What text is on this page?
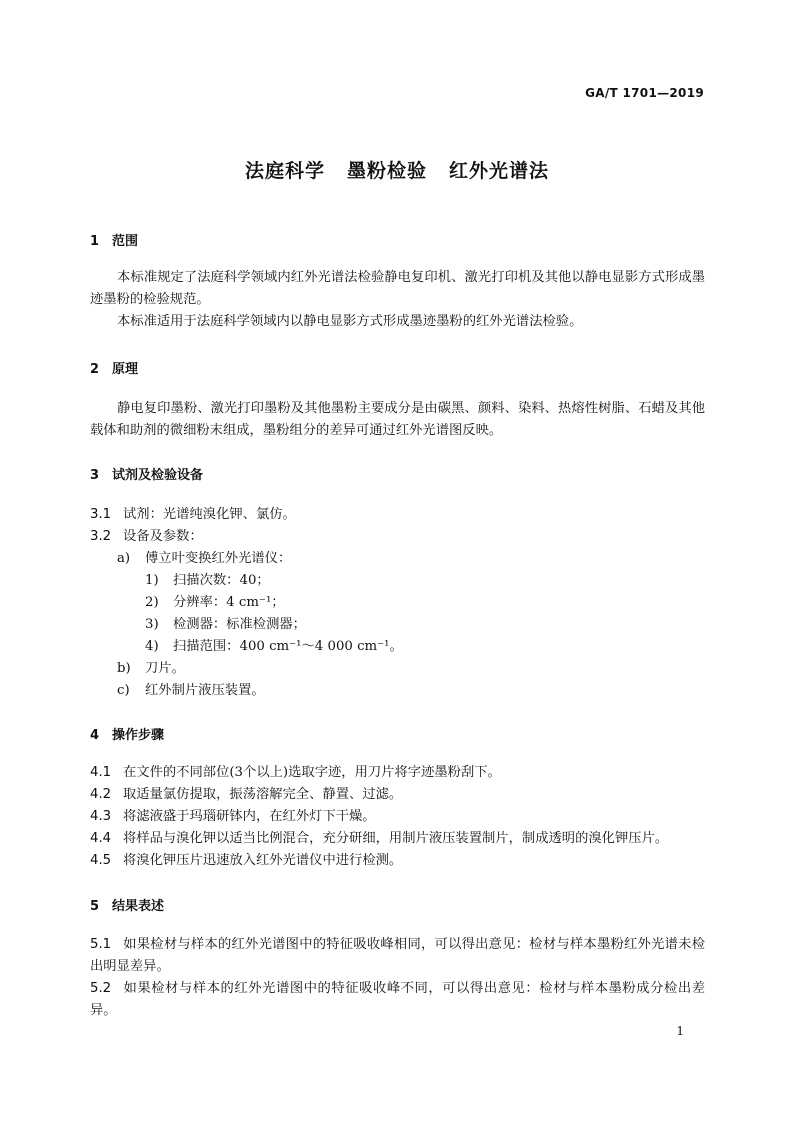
GA/T 1701—2019
法庭科学 墨粉检验 红外光谱法
1 范围
本标准规定了法庭科学领域内红外光谱法检验静电复印机、激光打印机及其他以静电显影方式形成墨迹墨粉的检验规范。
本标准适用于法庭科学领域内以静电显影方式形成墨迹墨粉的红外光谱法检验。
2 原理
静电复印墨粉、激光打印墨粉及其他墨粉主要成分是由碳黑、颜料、染料、热熔性树脂、石蜡及其他载体和助剂的微细粉末组成，墨粉组分的差异可通过红外光谱图反映。
3 试剂及检验设备
3.1 试剂：光谱纯溴化钾、氯仿。
3.2 设备及参数：
a) 傅立叶变换红外光谱仪：
1) 扫描次数：40；
2) 分辨率：4 cm⁻¹；
3) 检测器：标准检测器；
4) 扫描范围：400 cm⁻¹～4 000 cm⁻¹。
b) 刀片。
c) 红外制片液压装置。
4 操作步骤
4.1 在文件的不同部位(3个以上)选取字迹，用刀片将字迹墨粉刮下。
4.2 取适量氯仿提取，振荡溶解完全、静置、过滤。
4.3 将滤液盛于玛瑙研钵内，在红外灯下干燥。
4.4 将样品与溴化钾以适当比例混合，充分研细，用制片液压装置制片，制成透明的溴化钾压片。
4.5 将溴化钾压片迅速放入红外光谱仪中进行检测。
5 结果表述
5.1 如果检材与样本的红外光谱图中的特征吸收峰相同，可以得出意见：检材与样本墨粉红外光谱未检出明显差异。
5.2 如果检材与样本的红外光谱图中的特征吸收峰不同，可以得出意见：检材与样本墨粉成分检出差异。
1
